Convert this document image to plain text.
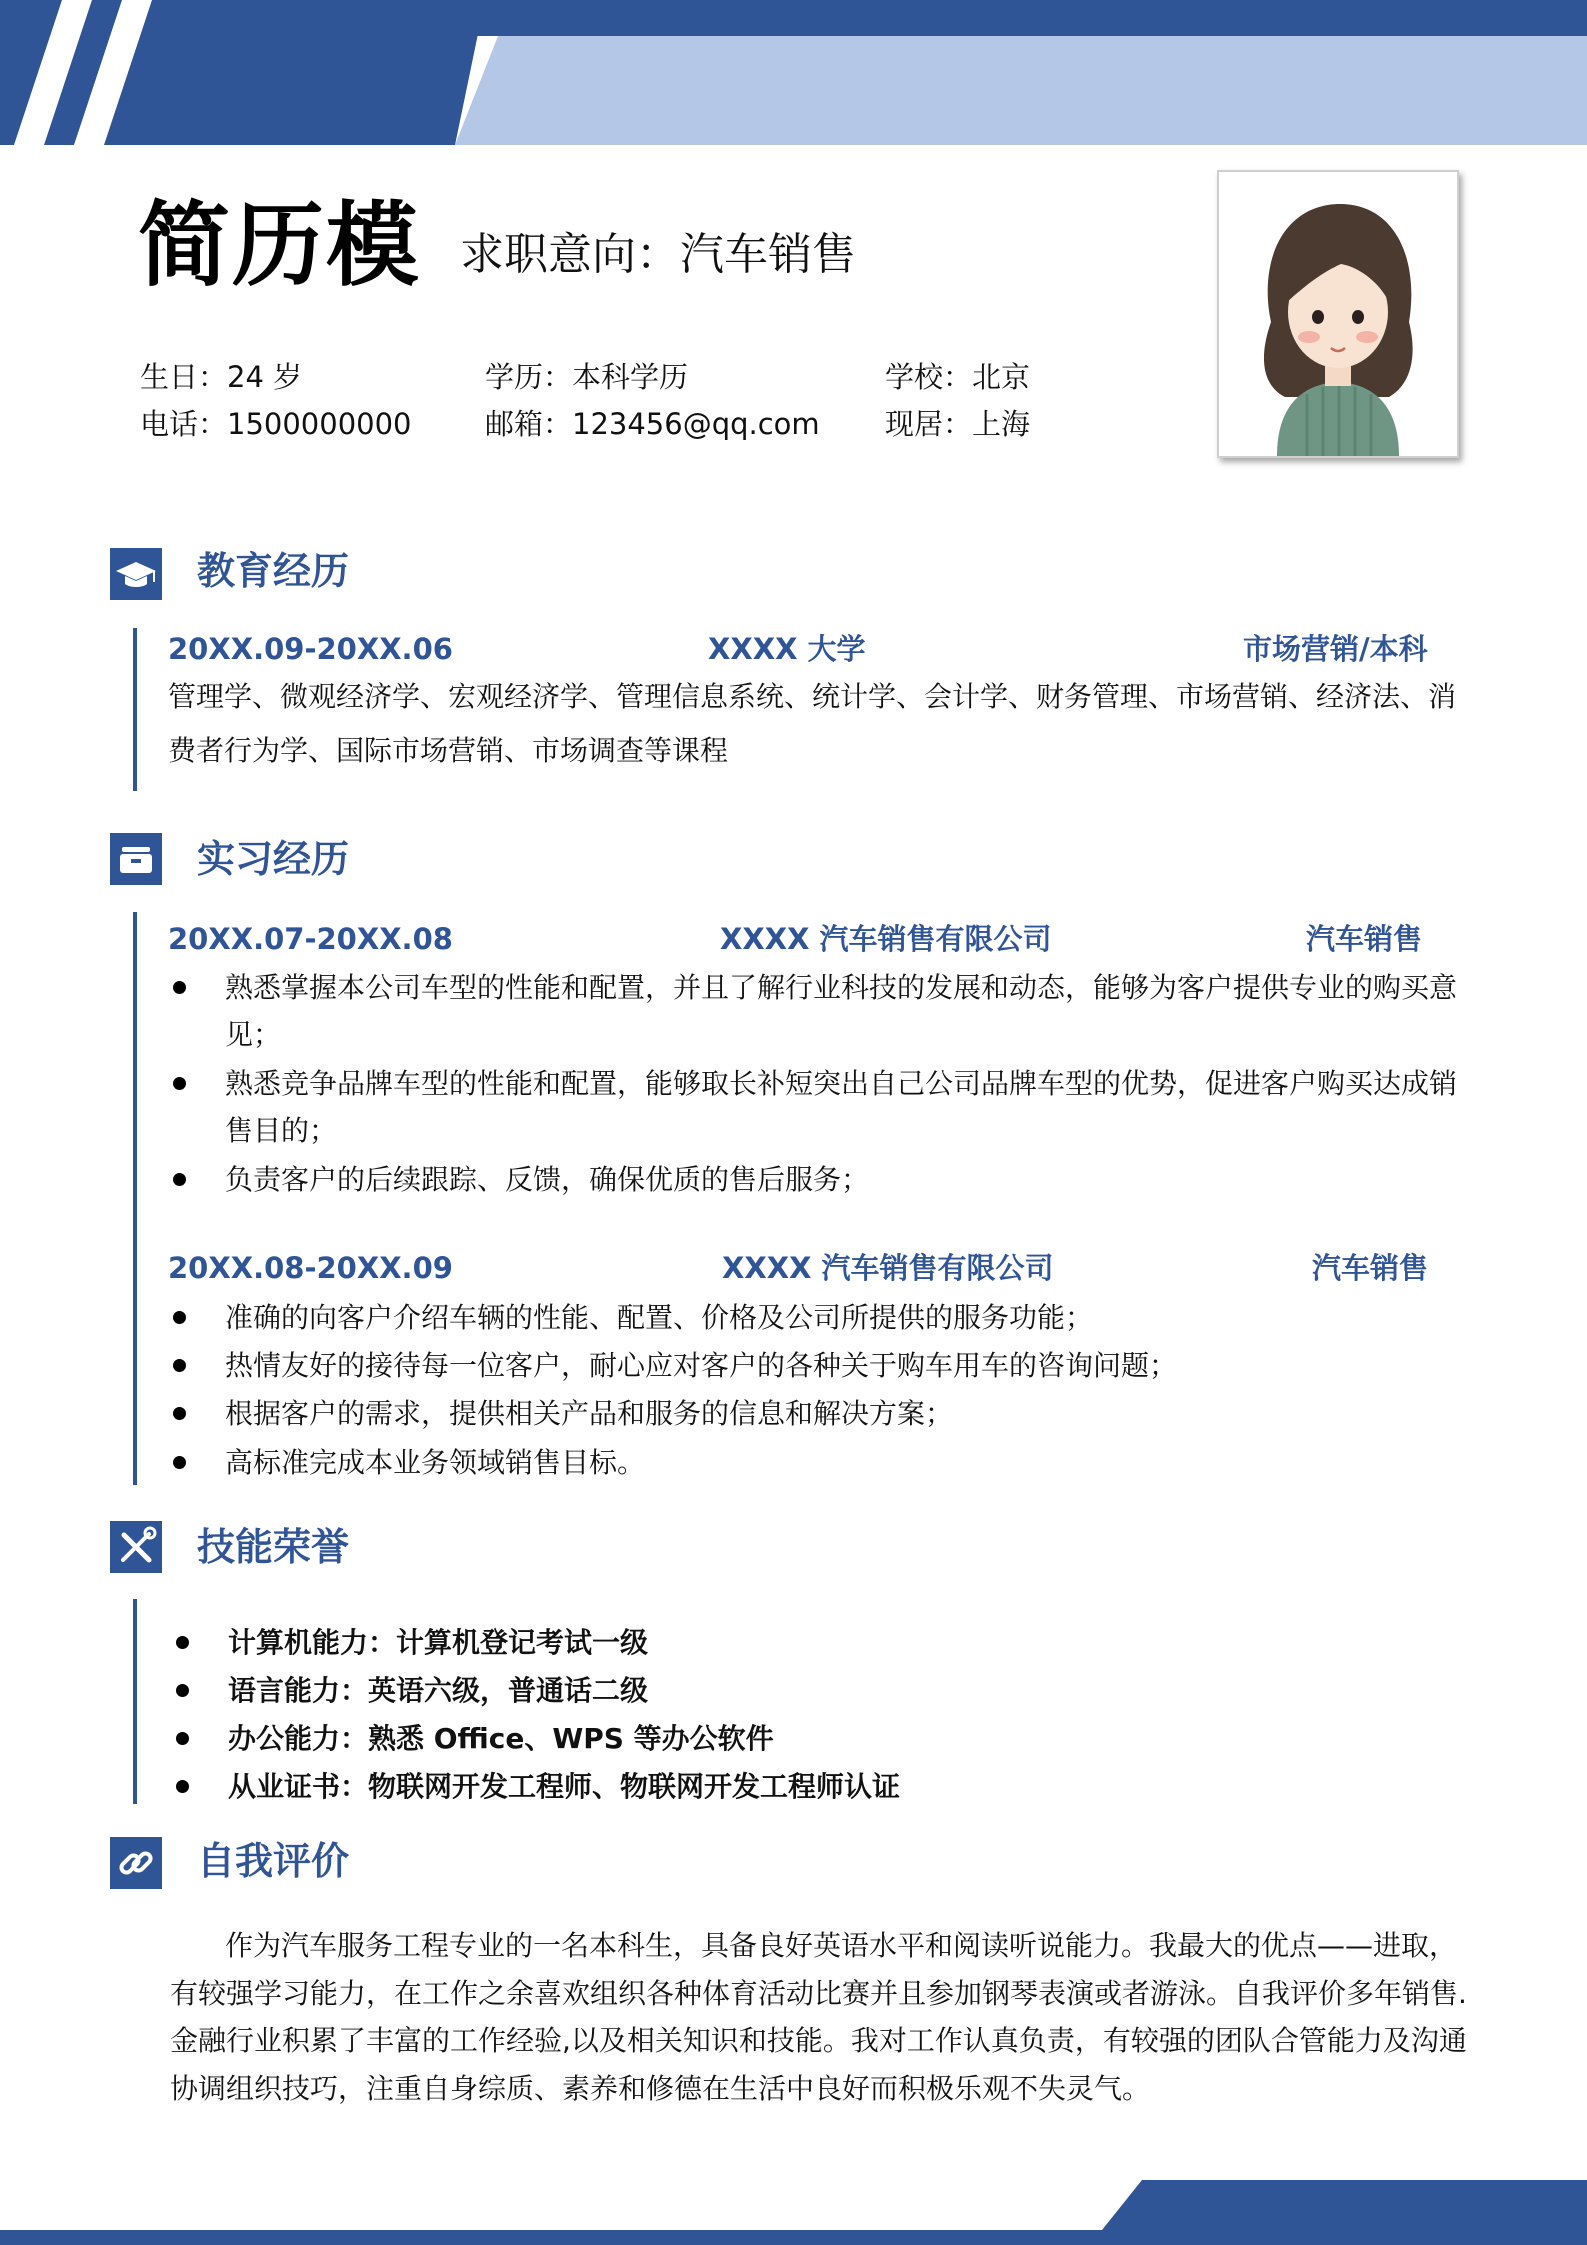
简历模 求职意向：汽车销售
生日：24 岁	学历：本科学历	学校：北京
电话：1500000000	邮箱：123456@qq.com 现居：上海
教育经历
20XX.09-20XX.06	XXXX 大学	市场营销/本科
管理学、微观经济学、宏观经济学、管理信息系统、统计学、会计学、财务管理、市场营销、经济法、消
费者行为学、国际市场营销、市场调查等课程
实习经历
20XX.07-20XX.08	XXXX 汽车销售有限公司	汽车销售
熟悉掌握本公司车型的性能和配置，并且了解行业科技的发展和动态，能够为客户提供专业的购买意
见；
熟悉竞争品牌车型的性能和配置，能够取长补短突出自己公司品牌车型的优势，促进客户购买达成销
售目的；
负责客户的后续跟踪、反馈，确保优质的售后服务；
20XX.08-20XX.09	XXXX 汽车销售有限公司	汽车销售
准确的向客户介绍车辆的性能、配置、价格及公司所提供的服务功能；
热情友好的接待每一位客户，耐心应对客户的各种关于购车用车的咨询问题；
根据客户的需求，提供相关产品和服务的信息和解决方案；
高标准完成本业务领域销售目标。
技能荣誉
计算机能力：计算机登记考试一级
语言能力：英语六级，普通话二级
办公能力：熟悉 Office、WPS 等办公软件
从业证书：物联网开发工程师、物联网开发工程师认证
自我评价
作为汽车服务工程专业的一名本科生，具备良好英语水平和阅读听说能力。我最大的优点——进取，
有较强学习能力，在工作之余喜欢组织各种体育活动比赛并且参加钢琴表演或者游泳。自我评价多年销售.
金融行业积累了丰富的工作经验,以及相关知识和技能。我对工作认真负责，有较强的团队合管能力及沟通
协调组织技巧，注重自身综质、素养和修德在生活中良好而积极乐观不失灵气。
